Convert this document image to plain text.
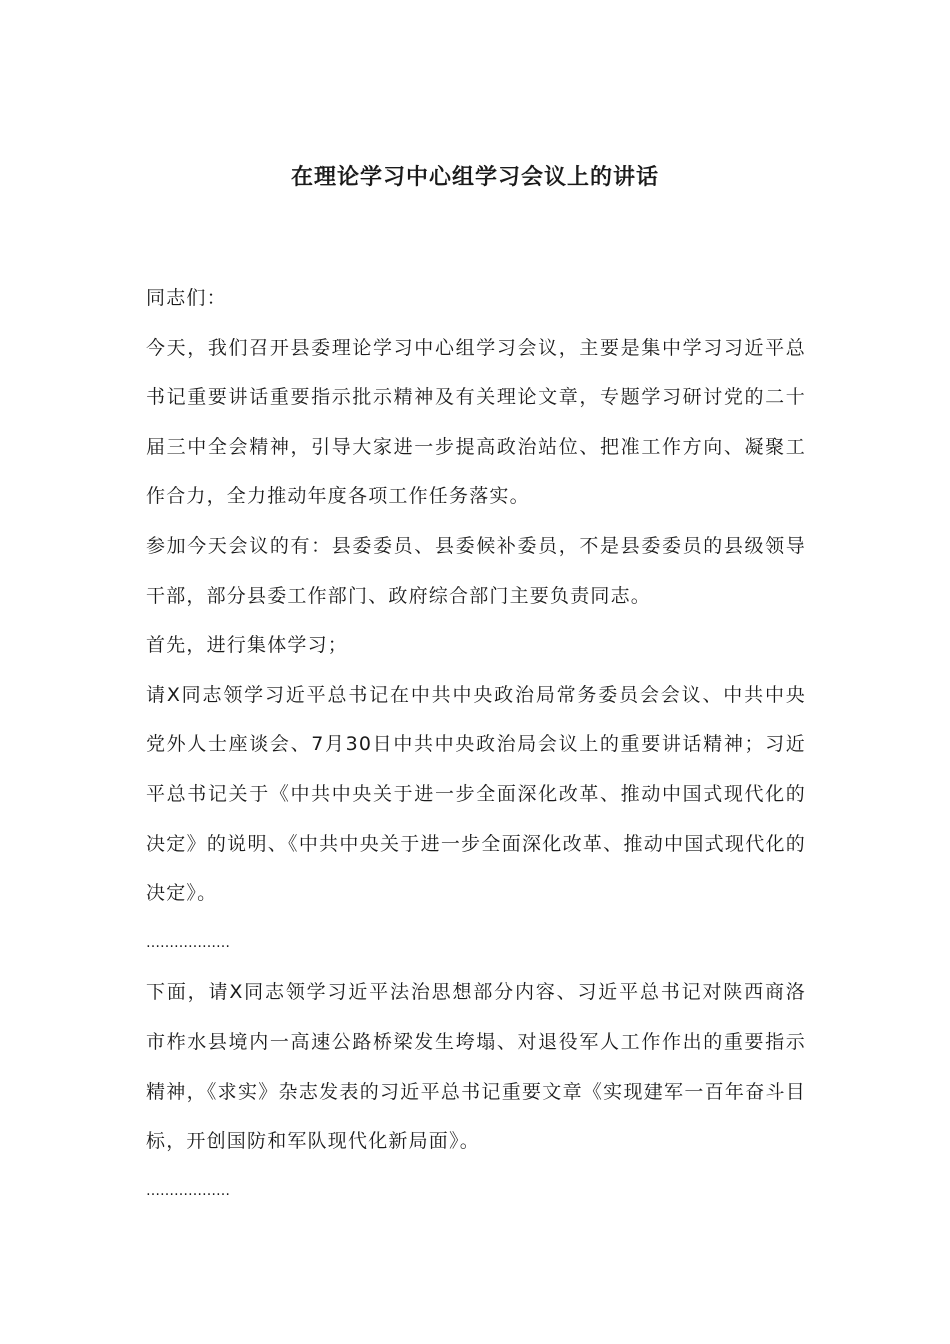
在理论学习中心组学习会议上的讲话

同志们：

今天，我们召开县委理论学习中心组学习会议，主要是集中学习习近平总书记重要讲话重要指示批示精神及有关理论文章，专题学习研讨党的二十届三中全会精神，引导大家进一步提高政治站位、把准工作方向、凝聚工作合力，全力推动年度各项工作任务落实。

参加今天会议的有：县委委员、县委候补委员，不是县委委员的县级领导干部，部分县委工作部门、政府综合部门主要负责同志。

首先，进行集体学习；

请X同志领学习近平总书记在中共中央政治局常务委员会会议、中共中央党外人士座谈会、7月30日中共中央政治局会议上的重要讲话精神；习近平总书记关于《中共中央关于进一步全面深化改革、推动中国式现代化的决定》的说明、《中共中央关于进一步全面深化改革、推动中国式现代化的决定》。

………………

下面，请X同志领学习近平法治思想部分内容、习近平总书记对陕西商洛市柞水县境内一高速公路桥梁发生垮塌、对退役军人工作作出的重要指示精神，《求实》杂志发表的习近平总书记重要文章《实现建军一百年奋斗目标，开创国防和军队现代化新局面》。

………………
